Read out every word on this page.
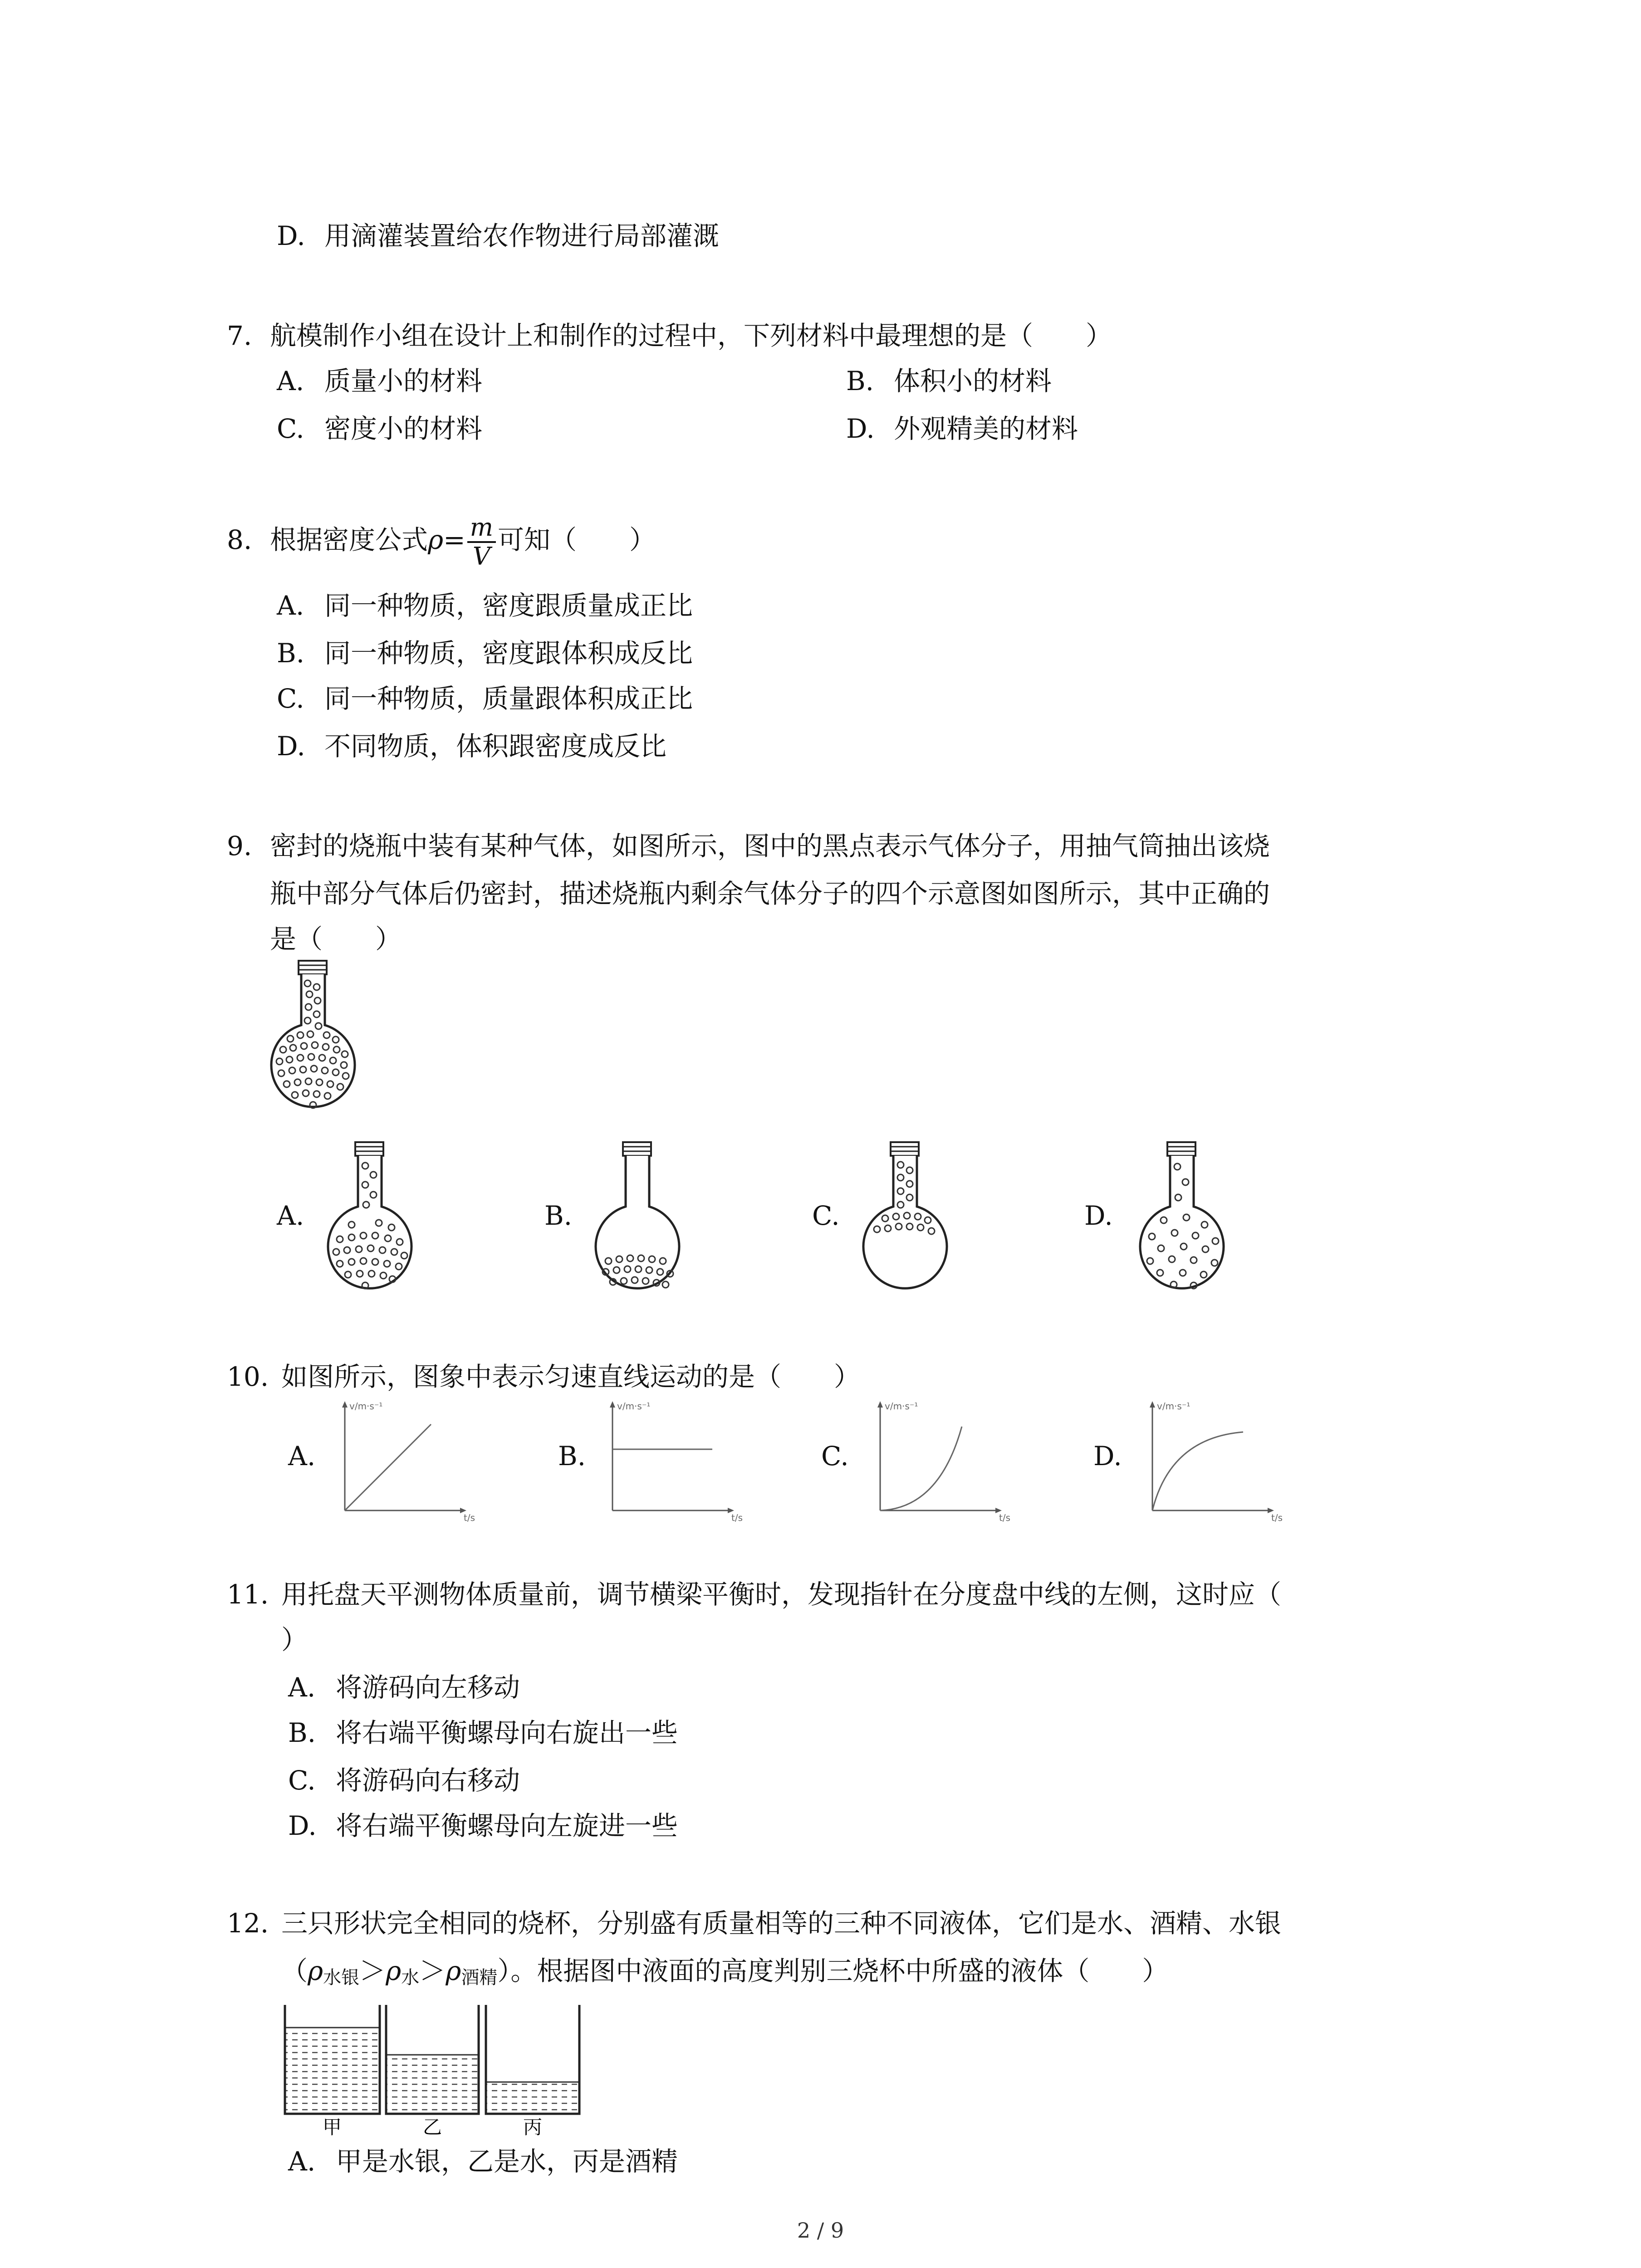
D. 用滴灌装置给农作物进行局部灌溉
7. 航模制作小组在设计上和制作的过程中，下列材料中最理想的是（　　）
A. 质量小的材料	B. 体积小的材料
C. 密度小的材料	D. 外观精美的材料
8. 根据密度公式$\rho= \frac{m}{V}$ 可知（　　）
A. 同一种物质，密度跟质量成正比
B. 同一种物质，密度跟体积成反比
C. 同一种物质，质量跟体积成正比
D. 不同物质，体积跟密度成反比
9. 密封的烧瓶中装有某种气体，如图所示，图中的黑点表示气体分子，用抽气筒抽出该烧
瓶中部分气体后仍密封，描述烧瓶内剩余气体分子的四个示意图如图所示，其中正确的
是（　　）
A.	B.	C.	D.
10. 如图所示，图象中表示匀速直线运动的是（　　）
A.
v/m·s⁻¹
t/s
B.
v/m·s⁻¹
t/s
C.
v/m·s⁻¹
t/s
D.
v/m·s⁻¹
t/s
11. 用托盘天平测物体质量前，调节横梁平衡时，发现指针在分度盘中线的左侧，这时应（
）
A. 将游码向左移动
B. 将右端平衡螺母向右旋出一些
C. 将游码向右移动
D. 将右端平衡螺母向左旋进一些
12. 三只形状完全相同的烧杯，分别盛有质量相等的三种不同液体，它们是水、酒精、水银
$(\rho_{水银}>\rho_水>\rho_{酒精})$。根据图中液面的高度判别三烧杯中所盛的液体（　　）
甲	乙	丙
A. 甲是水银，乙是水，丙是酒精
2 / 9
